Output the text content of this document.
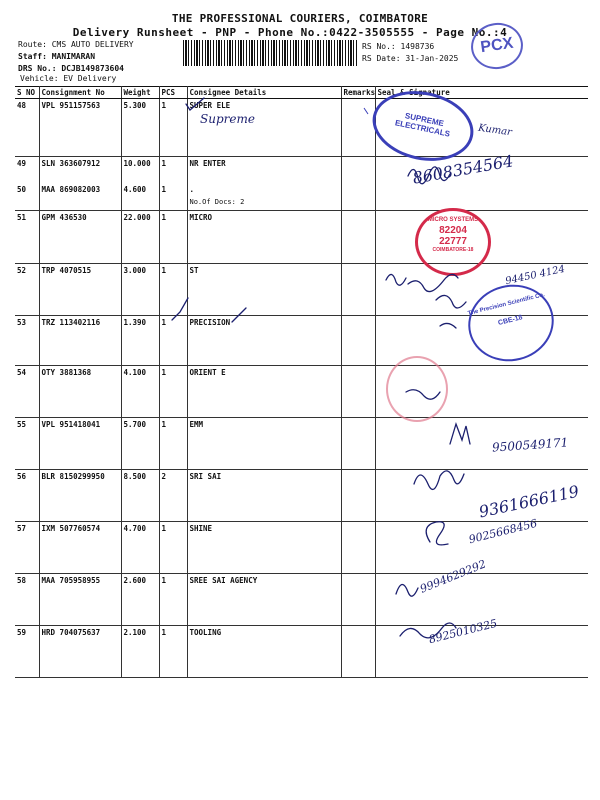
THE PROFESSIONAL COURIERS, COIMBATORE
Delivery Runsheet - PNP - Phone No.:0422-3505555 - Page No.:4
Route: CMS AUTO DELIVERY
Staff: MANIMARAN
DRS No.: DCJB149873604
Vehicle: EV Delivery
RS No.: 1498736
RS Date: 31-Jan-2025
PCX
S NO	Consignment No	Weight	PCS	Consignee Details	Remarks	Seal & Signature
48	VPL 951157563	5.300	1	SUPER ELE		
49	SLN 363607912	10.000	1	NR ENTER		
50	MAA 869082003	4.600	1	.
No.Of Docs: 2		

51	GPM 436530	22.000	1	MICRO		
52	TRP 4070515	3.000	1	ST		
53	TRZ 113402116	1.390	1	PRECISION		
54	OTY 3881368	4.100	1	ORIENT E		
55	VPL 951418041	5.700	1	EMM		
56	BLR 8150299950	8.500	2	SRI SAI		
57	IXM 507760574	4.700	1	SHINE		
58	MAA 705958955	2.600	1	SREE SAI AGENCY		
59	HRD 704075637	2.100	1	TOOLING		
Supreme
Kumar
8608354564
94450 4124
9500549171
9361666119
9025668456
9994629292
8925010325
SUPREME ELECTRICALS
MICRO SYSTEMS
82204
22777
COIMBATORE-18
The Precision Scientific Co.
CBE-18
